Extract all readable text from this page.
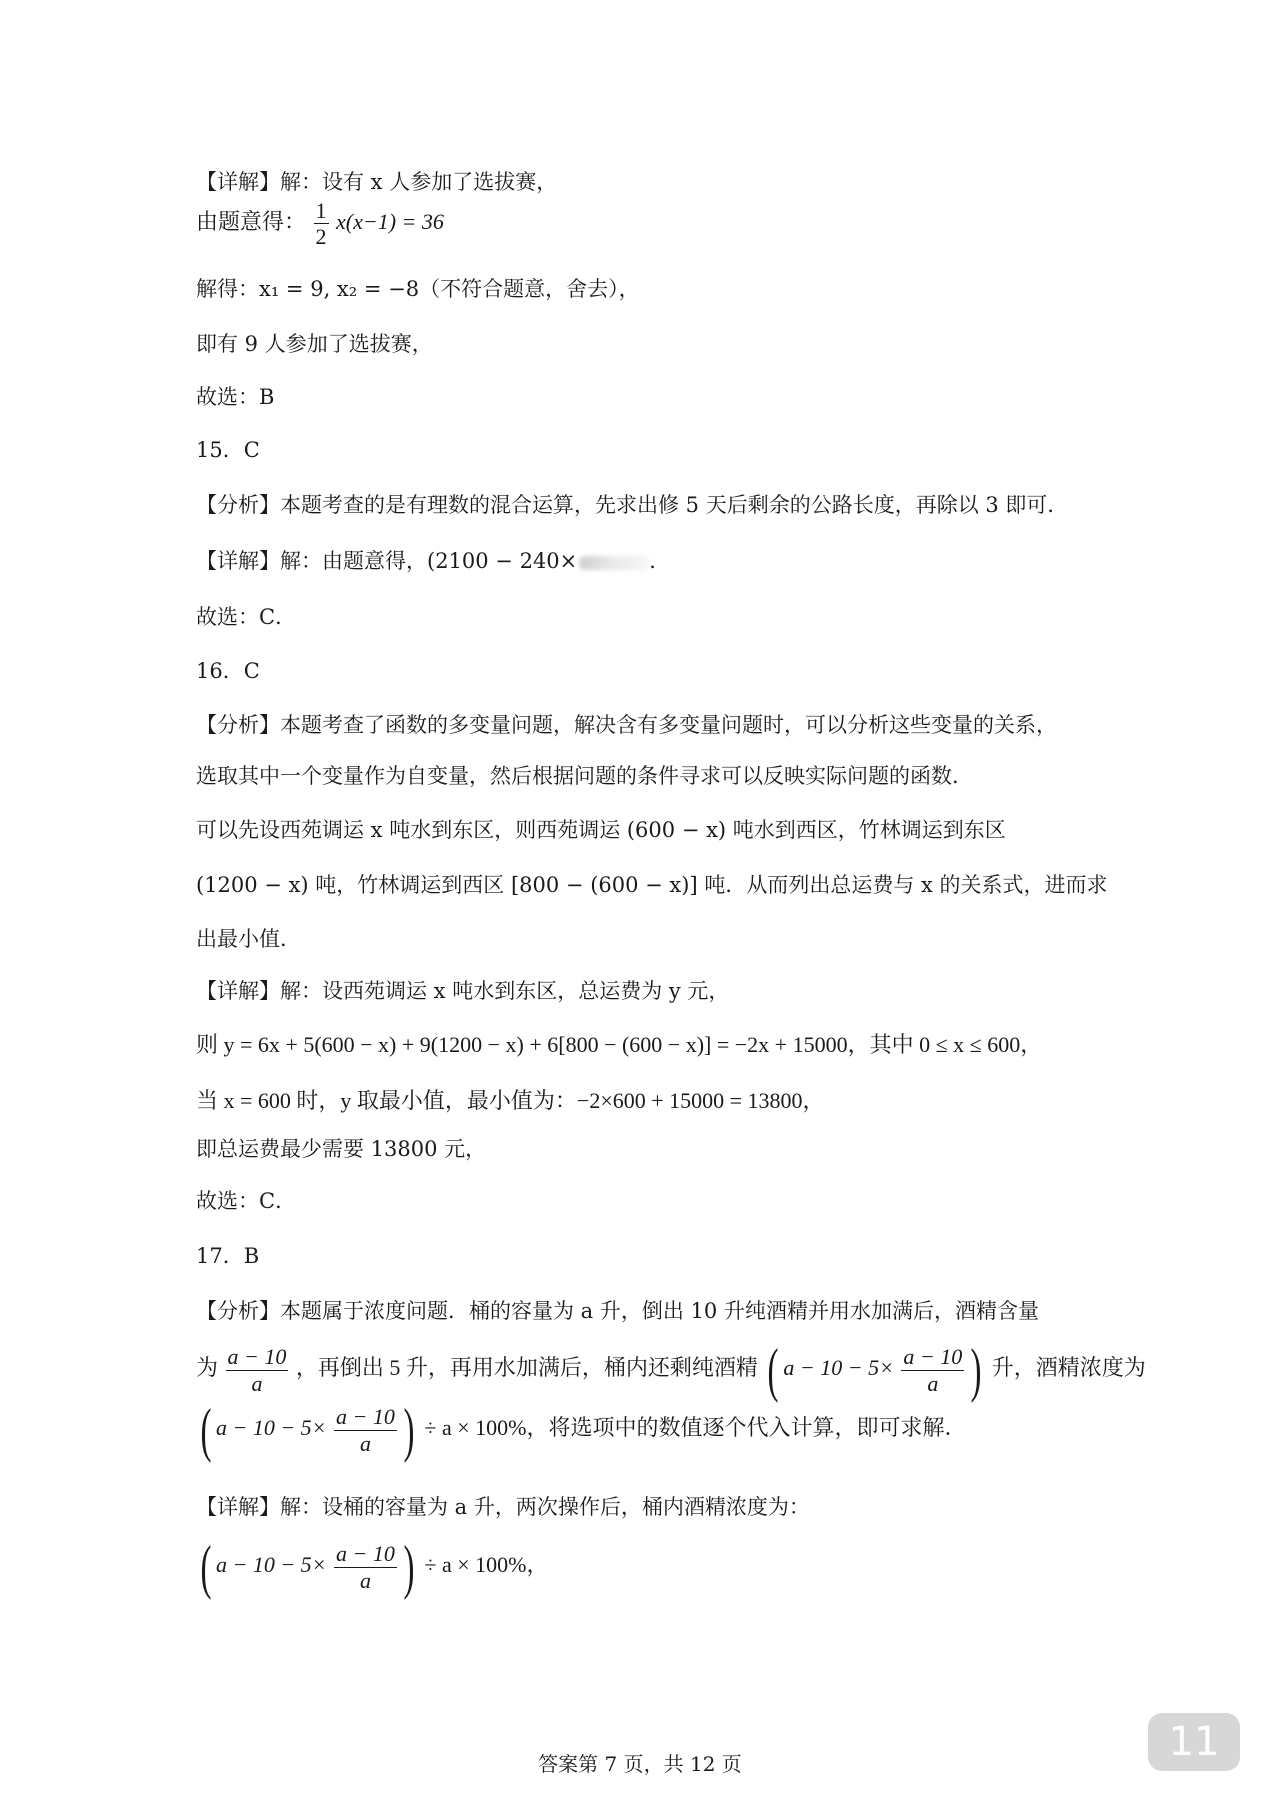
【详解】解：设有 x 人参加了选拔赛，
由题意得： $\frac{1}{2} x(x-1) = 36$
解得：x₁ = 9, x₂ = −8（不符合题意，舍去），
即有 9 人参加了选拔赛，
故选：B
15．C
【分析】本题考查的是有理数的混合运算，先求出修 5 天后剩余的公路长度，再除以 3 即可．
【详解】解：由题意得，(2100 − 240×	．
故选：C．
16．C
【分析】本题考查了函数的多变量问题，解决含有多变量问题时，可以分析这些变量的关系，
选取其中一个变量作为自变量，然后根据问题的条件寻求可以反映实际问题的函数．
可以先设西苑调运 x 吨水到东区，则西苑调运 (600 − x) 吨水到西区，竹林调运到东区
(1200 − x) 吨，竹林调运到西区 [800 − (600 − x)] 吨．从而列出总运费与 x 的关系式，进而求
出最小值．
【详解】解：设西苑调运 x 吨水到东区，总运费为 y 元，
则 y = 6x + 5(600 − x) + 9(1200 − x) + 6[800 − (600 − x)] = −2x + 15000，其中 0 ≤ x ≤ 600，
当 x = 600 时，y 取最小值，最小值为：−2×600 + 15000 = 13800，
即总运费最少需要 13800 元，
故选：C．
17．B
【分析】本题属于浓度问题．桶的容量为 a 升，倒出 10 升纯酒精并用水加满后，酒精含量
为 $\frac{a - 10}{a}$ ，再倒出 5 升，再用水加满后，桶内还剩纯酒精 ( $a - 10 - 5\times \frac{a - 10}{a}$ ) 升，酒精浓度为
( $a - 10 - 5\times \frac{a - 10}{a}$ ) ÷ a × 100%，将选项中的数值逐个代入计算，即可求解．
【详解】解：设桶的容量为 a 升，两次操作后，桶内酒精浓度为：
( $a - 10 - 5\times \frac{a - 10}{a}$ ) ÷ a × 100%，
答案第 7 页，共 12 页	11
